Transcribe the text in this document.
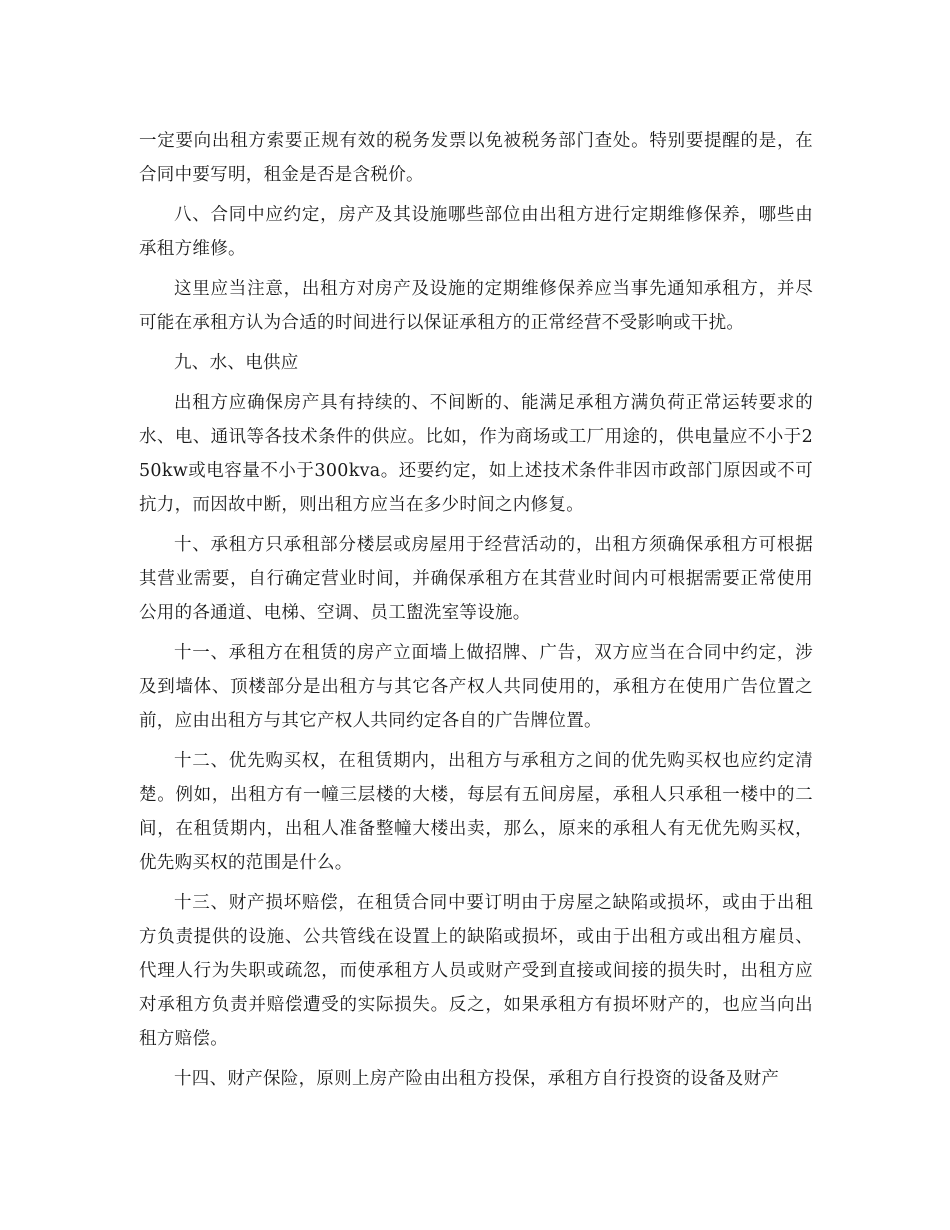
一定要向出租方索要正规有效的税务发票以免被税务部门查处。特别要提醒的是，在合同中要写明，租金是否是含税价。

八、合同中应约定，房产及其设施哪些部位由出租方进行定期维修保养，哪些由承租方维修。

这里应当注意，出租方对房产及设施的定期维修保养应当事先通知承租方，并尽可能在承租方认为合适的时间进行以保证承租方的正常经营不受影响或干扰。

九、水、电供应

出租方应确保房产具有持续的、不间断的、能满足承租方满负荷正常运转要求的水、电、通讯等各技术条件的供应。比如，作为商场或工厂用途的，供电量应不小于250kw或电容量不小于300kva。还要约定，如上述技术条件非因市政部门原因或不可抗力，而因故中断，则出租方应当在多少时间之内修复。

十、承租方只承租部分楼层或房屋用于经营活动的，出租方须确保承租方可根据其营业需要，自行确定营业时间，并确保承租方在其营业时间内可根据需要正常使用公用的各通道、电梯、空调、员工盥洗室等设施。

十一、承租方在租赁的房产立面墙上做招牌、广告，双方应当在合同中约定，涉及到墙体、顶楼部分是出租方与其它各产权人共同使用的，承租方在使用广告位置之前，应由出租方与其它产权人共同约定各自的广告牌位置。

十二、优先购买权，在租赁期内，出租方与承租方之间的优先购买权也应约定清楚。例如，出租方有一幢三层楼的大楼，每层有五间房屋，承租人只承租一楼中的二间，在租赁期内，出租人准备整幢大楼出卖，那么，原来的承租人有无优先购买权，优先购买权的范围是什么。

十三、财产损坏赔偿，在租赁合同中要订明由于房屋之缺陷或损坏，或由于出租方负责提供的设施、公共管线在设置上的缺陷或损坏，或由于出租方或出租方雇员、代理人行为失职或疏忽，而使承租方人员或财产受到直接或间接的损失时，出租方应对承租方负责并赔偿遭受的实际损失。反之，如果承租方有损坏财产的，也应当向出租方赔偿。

十四、财产保险，原则上房产险由出租方投保，承租方自行投资的设备及财产
